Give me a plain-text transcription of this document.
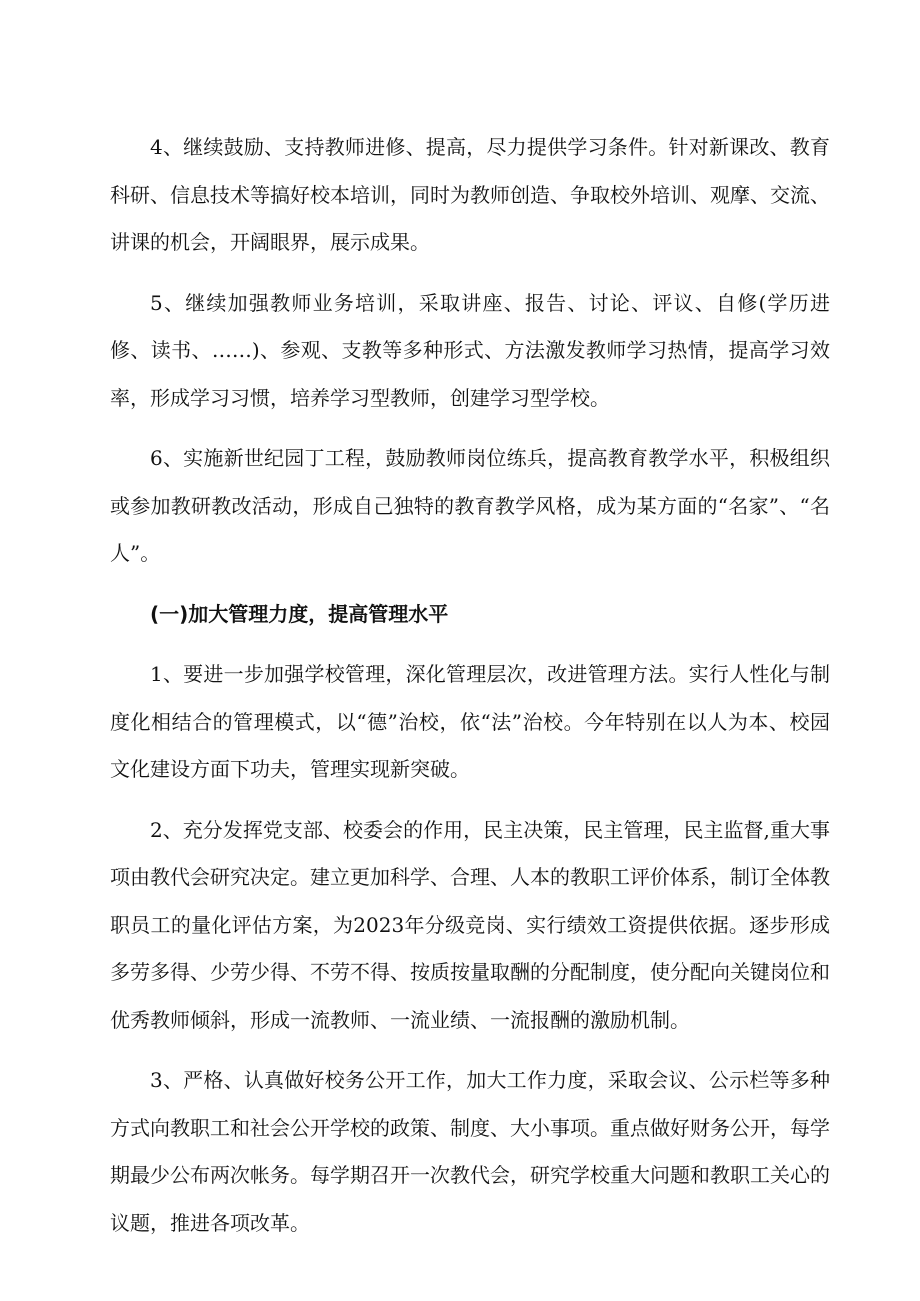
4、继续鼓励、支持教师进修、提高，尽力提供学习条件。针对新课改、教育科研、信息技术等搞好校本培训，同时为教师创造、争取校外培训、观摩、交流、讲课的机会，开阔眼界，展示成果。

5、继续加强教师业务培训，采取讲座、报告、讨论、评议、自修(学历进修、读书、……)、参观、支教等多种形式、方法激发教师学习热情，提高学习效率，形成学习习惯，培养学习型教师，创建学习型学校。

6、实施新世纪园丁工程，鼓励教师岗位练兵，提高教育教学水平，积极组织或参加教研教改活动，形成自己独特的教育教学风格，成为某方面的“名家”、“名人”。

(一)加大管理力度，提高管理水平

1、要进一步加强学校管理，深化管理层次，改进管理方法。实行人性化与制度化相结合的管理模式，以“德”治校，依“法”治校。今年特别在以人为本、校园文化建设方面下功夫，管理实现新突破。

2、充分发挥党支部、校委会的作用，民主决策，民主管理，民主监督,重大事项由教代会研究决定。建立更加科学、合理、人本的教职工评价体系，制订全体教职员工的量化评估方案，为2023年分级竞岗、实行绩效工资提供依据。逐步形成多劳多得、少劳少得、不劳不得、按质按量取酬的分配制度，使分配向关键岗位和优秀教师倾斜，形成一流教师、一流业绩、一流报酬的激励机制。

3、严格、认真做好校务公开工作，加大工作力度，采取会议、公示栏等多种方式向教职工和社会公开学校的政策、制度、大小事项。重点做好财务公开，每学期最少公布两次帐务。每学期召开一次教代会，研究学校重大问题和教职工关心的议题，推进各项改革。
